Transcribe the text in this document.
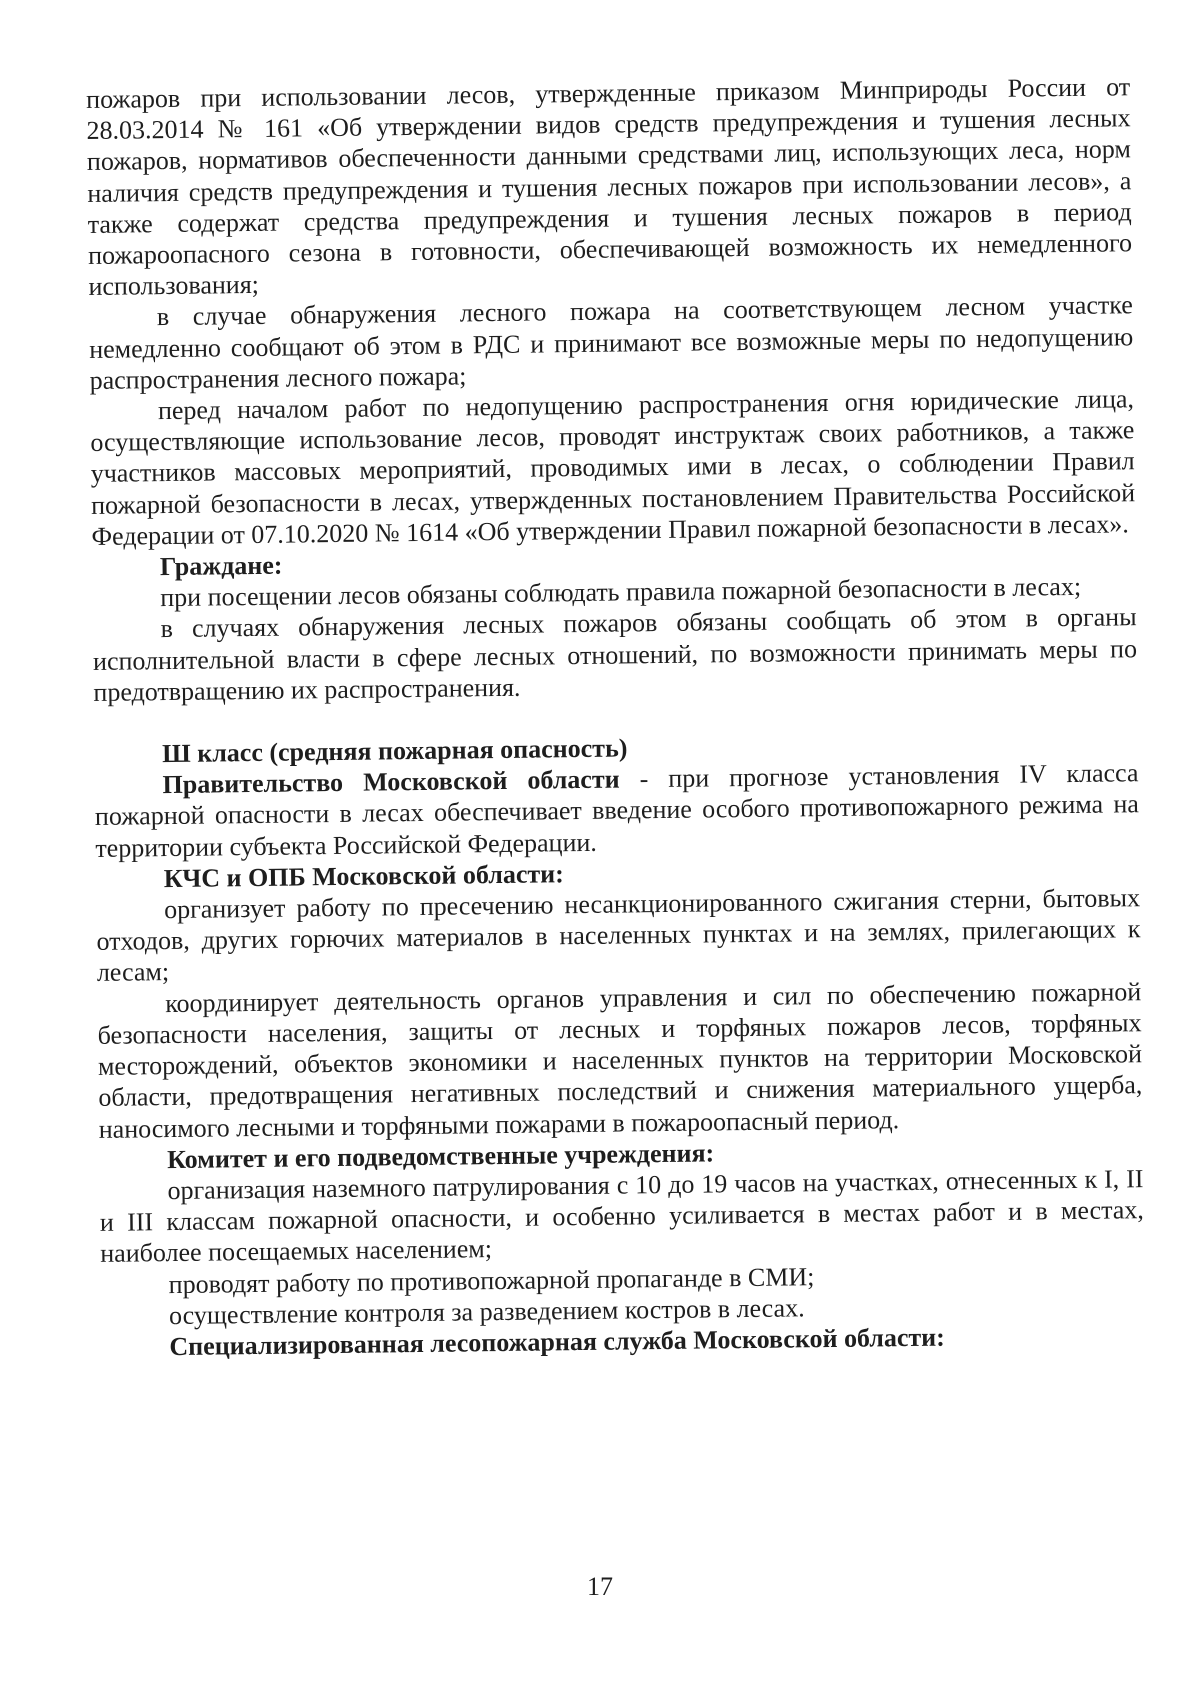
пожаров при использовании лесов, утвержденные приказом Минприроды России от 28.03.2014 № 161 «Об утверждении видов средств предупреждения и тушения лесных пожаров, нормативов обеспеченности данными средствами лиц, использующих леса, норм наличия средств предупреждения и тушения лесных пожаров при использовании лесов», а также содержат средства предупреждения и тушения лесных пожаров в период пожароопасного сезона в готовности, обеспечивающей возможность их немедленного использования;

в случае обнаружения лесного пожара на соответствующем лесном участке немедленно сообщают об этом в РДС и принимают все возможные меры по недопущению распространения лесного пожара;

перед началом работ по недопущению распространения огня юридические лица, осуществляющие использование лесов, проводят инструктаж своих работников, а также участников массовых мероприятий, проводимых ими в лесах, о соблюдении Правил пожарной безопасности в лесах, утвержденных постановлением Правительства Российской Федерации от 07.10.2020 № 1614 «Об утверждении Правил пожарной безопасности в лесах».

Граждане:

при посещении лесов обязаны соблюдать правила пожарной безопасности в лесах;

в случаях обнаружения лесных пожаров обязаны сообщать об этом в органы исполнительной власти в сфере лесных отношений, по возможности принимать меры по предотвращению их распространения.

Ш класс (средняя пожарная опасность)

Правительство Московской области - при прогнозе установления IV класса пожарной опасности в лесах обеспечивает введение особого противопожарного режима на территории субъекта Российской Федерации.

КЧС и ОПБ Московской области:

организует работу по пресечению несанкционированного сжигания стерни, бытовых отходов, других горючих материалов в населенных пунктах и на землях, прилегающих к лесам;

координирует деятельность органов управления и сил по обеспечению пожарной безопасности населения, защиты от лесных и торфяных пожаров лесов, торфяных месторождений, объектов экономики и населенных пунктов на территории Московской области, предотвращения негативных последствий и снижения материального ущерба, наносимого лесными и торфяными пожарами в пожароопасный период.

Комитет и его подведомственные учреждения:

организация наземного патрулирования с 10 до 19 часов на участках, отнесенных к I, II и III классам пожарной опасности, и особенно усиливается в местах работ и в местах, наиболее посещаемых населением;

проводят работу по противопожарной пропаганде в СМИ;

осуществление контроля за разведением костров в лесах.

Специализированная лесопожарная служба Московской области:

17
